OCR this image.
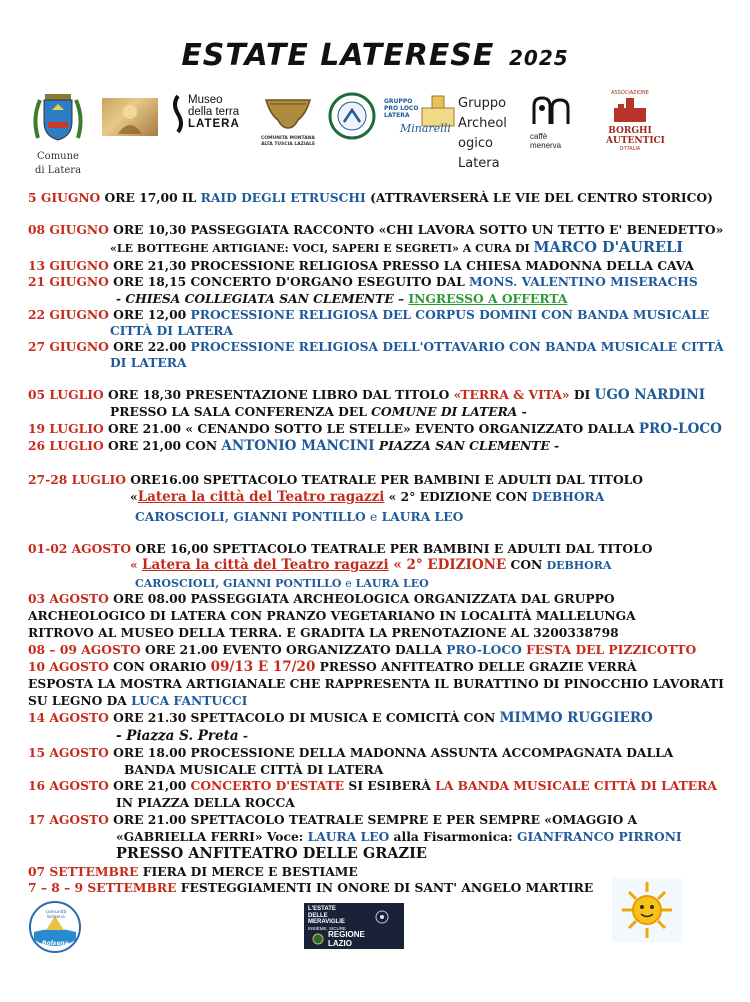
ESTATE LATERESE 2025
Comune
di Latera
Museo
della terra
LATERA
COMUNITA MONTANA ALTA TUSCIA LAZIALE
GRUPPO
PRO LOCO
LATERA
Minarelli
Gruppo
Archeol
ogico
Latera
caffè
menerva
ASSOCIAZIONE
BORGHI
AUTENTICI
D'ITALIA
5 GIUGNO ORE 17,00 IL RAID DEGLI ETRUSCHI (ATTRAVERSERÀ LE VIE DEL CENTRO STORICO)
08 GIUGNO ORE 10,30 PASSEGGIATA RACCONTO «CHI LAVORA SOTTO UN TETTO E' BENEDETTO»
«LE BOTTEGHE ARTIGIANE: VOCI, SAPERI E SEGRETI» A CURA DI MARCO D'AURELI
13 GIUGNO ORE 21,30 PROCESSIONE RELIGIOSA PRESSO LA CHIESA MADONNA DELLA CAVA
21 GIUGNO ORE 18,15 CONCERTO D'ORGANO ESEGUITO DAL MONS. VALENTINO MISERACHS
- CHIESA COLLEGIATA SAN CLEMENTE – INGRESSO A OFFERTA
22 GIUGNO ORE 12,00 PROCESSIONE RELIGIOSA DEL CORPUS DOMINI CON BANDA MUSICALE
CITTÀ DI LATERA
27 GIUGNO ORE 22.00 PROCESSIONE RELIGIOSA DELL'OTTAVARIO CON BANDA MUSICALE CITTÀ
DI LATERA
05 LUGLIO ORE 18,30 PRESENTAZIONE LIBRO DAL TITOLO «TERRA & VITA» DI UGO NARDINI
PRESSO LA SALA CONFERENZA DEL COMUNE DI LATERA -
19 LUGLIO ORE 21.00 « CENANDO SOTTO LE STELLE» EVENTO ORGANIZZATO DALLA PRO-LOCO
26 LUGLIO ORE 21,00 CON ANTONIO MANCINI PIAZZA SAN CLEMENTE -
27-28 LUGLIO ORE16.00 SPETTACOLO TEATRALE PER BAMBINI E ADULTI DAL TITOLO
«Latera la città del Teatro ragazzi « 2° EDIZIONE CON DEBHORA
CAROSCIOLI, GIANNI PONTILLO e LAURA LEO
01-02 AGOSTO ORE 16,00 SPETTACOLO TEATRALE PER BAMBINI E ADULTI DAL TITOLO
« Latera la città del Teatro ragazzi « 2° EDIZIONE CON DEBHORA
CAROSCIOLI, GIANNI PONTILLO e LAURA LEO
03 AGOSTO ORE 08.00 PASSEGGIATA ARCHEOLOGICA ORGANIZZATA DAL GRUPPO
ARCHEOLOGICO DI LATERA CON PRANZO VEGETARIANO IN LOCALITÀ MALLELUNGA
RITROVO AL MUSEO DELLA TERRA. E GRADITA LA PRENOTAZIONE AL 3200338798
08 – 09 AGOSTO ORE 21.00 EVENTO ORGANIZZATO DALLA PRO-LOCO FESTA DEL PIZZICOTTO
10 AGOSTO CON ORARIO 09/13 E 17/20 PRESSO ANFITEATRO DELLE GRAZIE VERRÀ
ESPOSTA LA MOSTRA ARTIGIANALE CHE RAPPRESENTA IL BURATTINO DI PINOCCHIO LAVORATI
SU LEGNO DA LUCA FANTUCCI
14 AGOSTO ORE 21.30 SPETTACOLO DI MUSICA E COMICITÀ CON MIMMO RUGGIERO
- Piazza S. Preta -
15 AGOSTO ORE 18.00 PROCESSIONE DELLA MADONNA ASSUNTA ACCOMPAGNATA DALLA
BANDA MUSICALE CITTÀ DI LATERA
16 AGOSTO ORE 21,00 CONCERTO D'ESTATE SI ESIBERÀ LA BANDA MUSICALE CITTÀ DI LATERA
IN PIAZZA DELLA ROCCA
17 AGOSTO ORE 21.00 SPETTACOLO TEATRALE SEMPRE E PER SEMPRE «OMAGGIO A
«GABRIELLA FERRI» Voce: LAURA LEO alla Fisarmonica: GIANFRANCO PIRRONI
PRESSO ANFITEATRO DELLE GRAZIE
07 SETTEMBRE FIERA DI MERCE E BESTIAME
7 – 8 – 9 SETTEMBRE FESTEGGIAMENTI IN ONORE DI SANT' ANGELO MARTIRE
comunità bolsena
Bolsena
L'ESTATE
DELLE
MERAVIGLIE
INSIEME, SICURE
REGIONE
LAZIO
